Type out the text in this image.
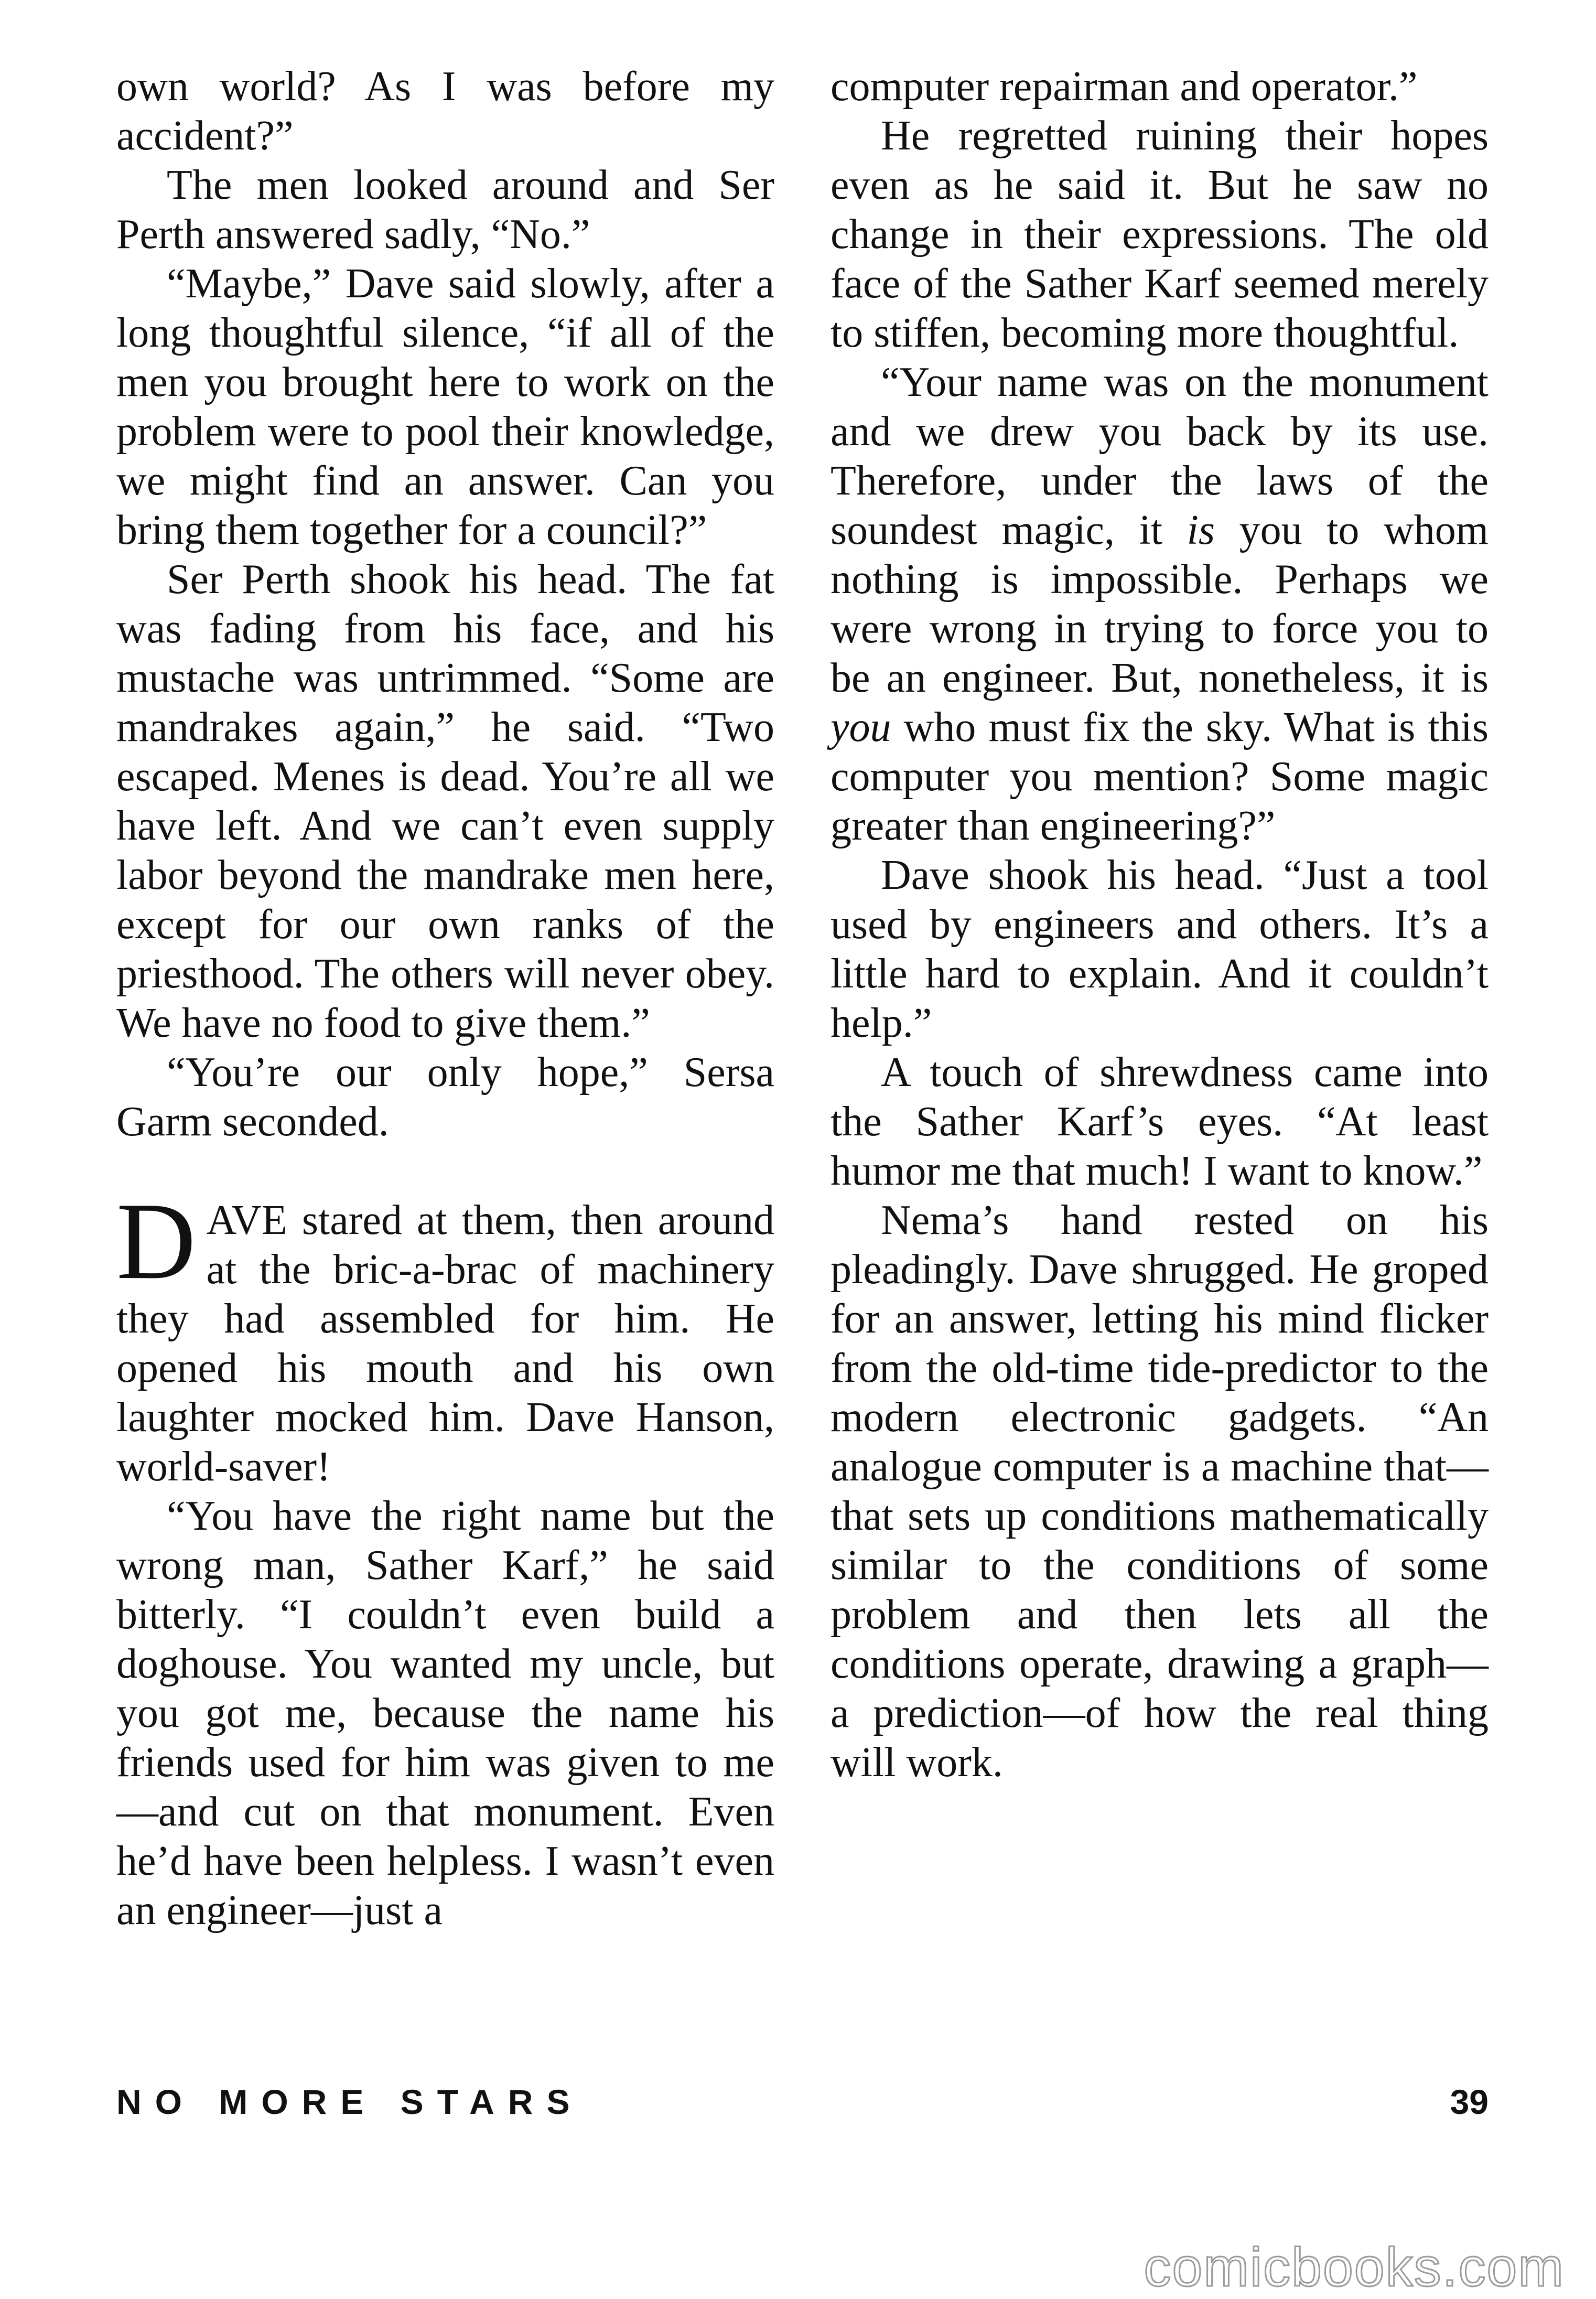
own world? As I was before my accident?”

The men looked around and Ser Perth answered sadly, “No.”

“Maybe,” Dave said slowly, after a long thoughtful silence, “if all of the men you brought here to work on the problem were to pool their knowledge, we might find an answer. Can you bring them together for a council?”

Ser Perth shook his head. The fat was fading from his face, and his mustache was untrimmed. “Some are mandrakes again,” he said. “Two escaped. Menes is dead. You’re all we have left. And we can’t even supply labor beyond the mandrake men here, except for our own ranks of the priesthood. The others will never obey. We have no food to give them.”

“You’re our only hope,” Sersa Garm seconded.

DAVE stared at them, then around at the bric-a-brac of machinery they had assembled for him. He opened his mouth and his own laughter mocked him. Dave Hanson, world-saver!

“You have the right name but the wrong man, Sather Karf,” he said bitterly. “I couldn’t even build a doghouse. You wanted my uncle, but you got me, because the name his friends used for him was given to me—and cut on that monument. Even he’d have been helpless. I wasn’t even an engineer—just a

computer repairman and operator.”

He regretted ruining their hopes even as he said it. But he saw no change in their expressions. The old face of the Sather Karf seemed merely to stiffen, becoming more thoughtful.

“Your name was on the monument and we drew you back by its use. Therefore, under the laws of the soundest magic, it is you to whom nothing is impossible. Perhaps we were wrong in trying to force you to be an engineer. But, nonetheless, it is you who must fix the sky. What is this computer you mention? Some magic greater than engineering?”

Dave shook his head. “Just a tool used by engineers and others. It’s a little hard to explain. And it couldn’t help.”

A touch of shrewdness came into the Sather Karf’s eyes. “At least humor me that much! I want to know.”

Nema’s hand rested on his pleadingly. Dave shrugged. He groped for an answer, letting his mind flicker from the old-time tide-predictor to the modern electronic gadgets. “An analogue computer is a machine that—that sets up conditions mathematically similar to the conditions of some problem and then lets all the conditions operate, drawing a graph—a prediction—of how the real thing will work.

NO MORE STARS	39
comicbooks.com
